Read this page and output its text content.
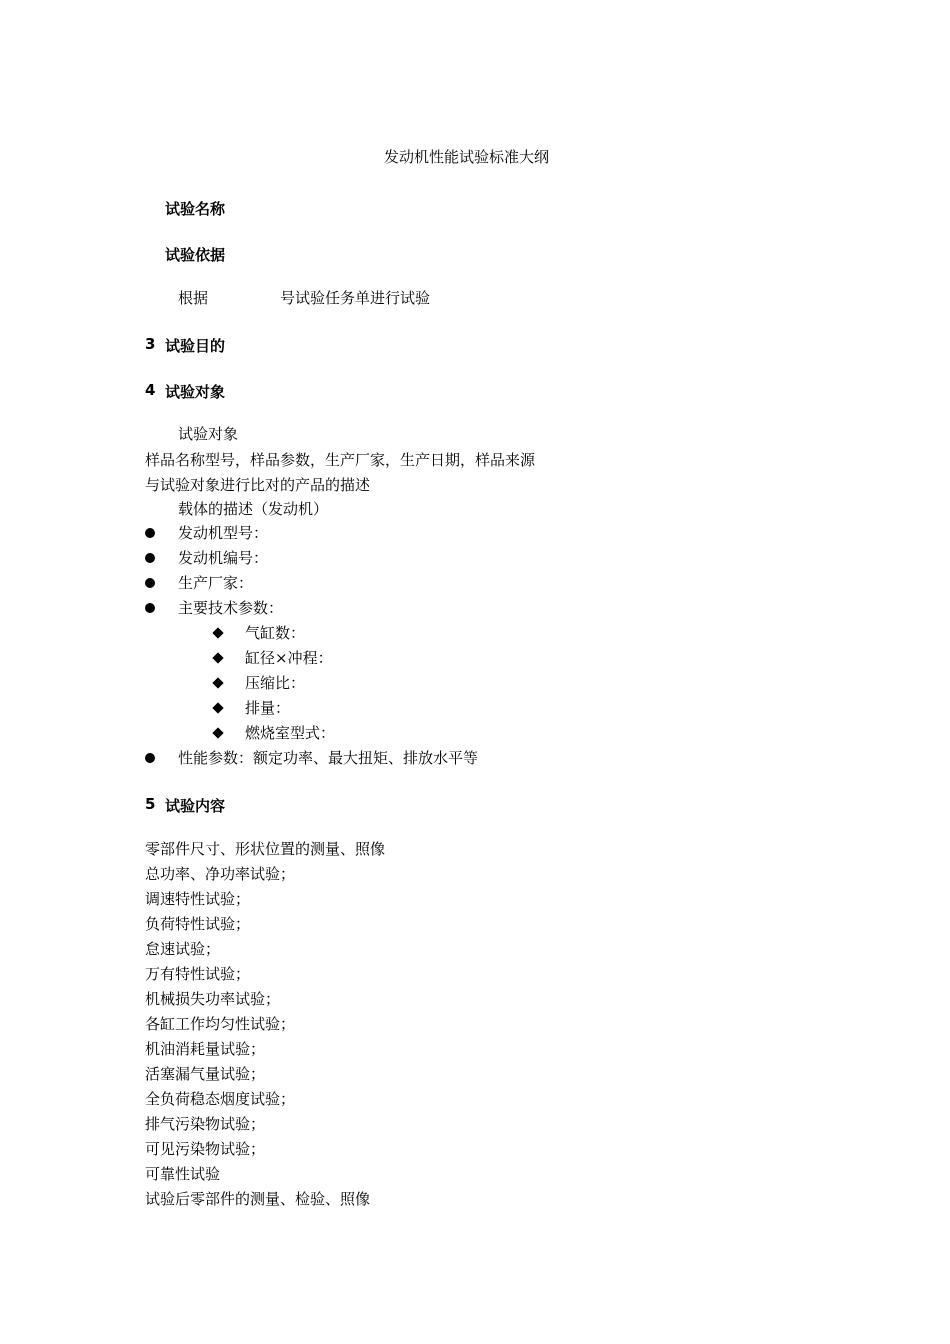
发动机性能试验标准大纲
试验名称
试验依据
根据	号试验任务单进行试验
3 试验目的
4 试验对象
试验对象
样品名称型号，样品参数，生产厂家，生产日期，样品来源
与试验对象进行比对的产品的描述
载体的描述（发动机）
发动机型号：
发动机编号：
生产厂家：
主要技术参数：
气缸数：
缸径×冲程：
压缩比：
排量：
燃烧室型式：
性能参数：额定功率、最大扭矩、排放水平等
5 试验内容
零部件尺寸、形状位置的测量、照像
总功率、净功率试验；
调速特性试验；
负荷特性试验；
怠速试验；
万有特性试验；
机械损失功率试验；
各缸工作均匀性试验；
机油消耗量试验；
活塞漏气量试验；
全负荷稳态烟度试验；
排气污染物试验；
可见污染物试验；
可靠性试验
试验后零部件的测量、检验、照像
